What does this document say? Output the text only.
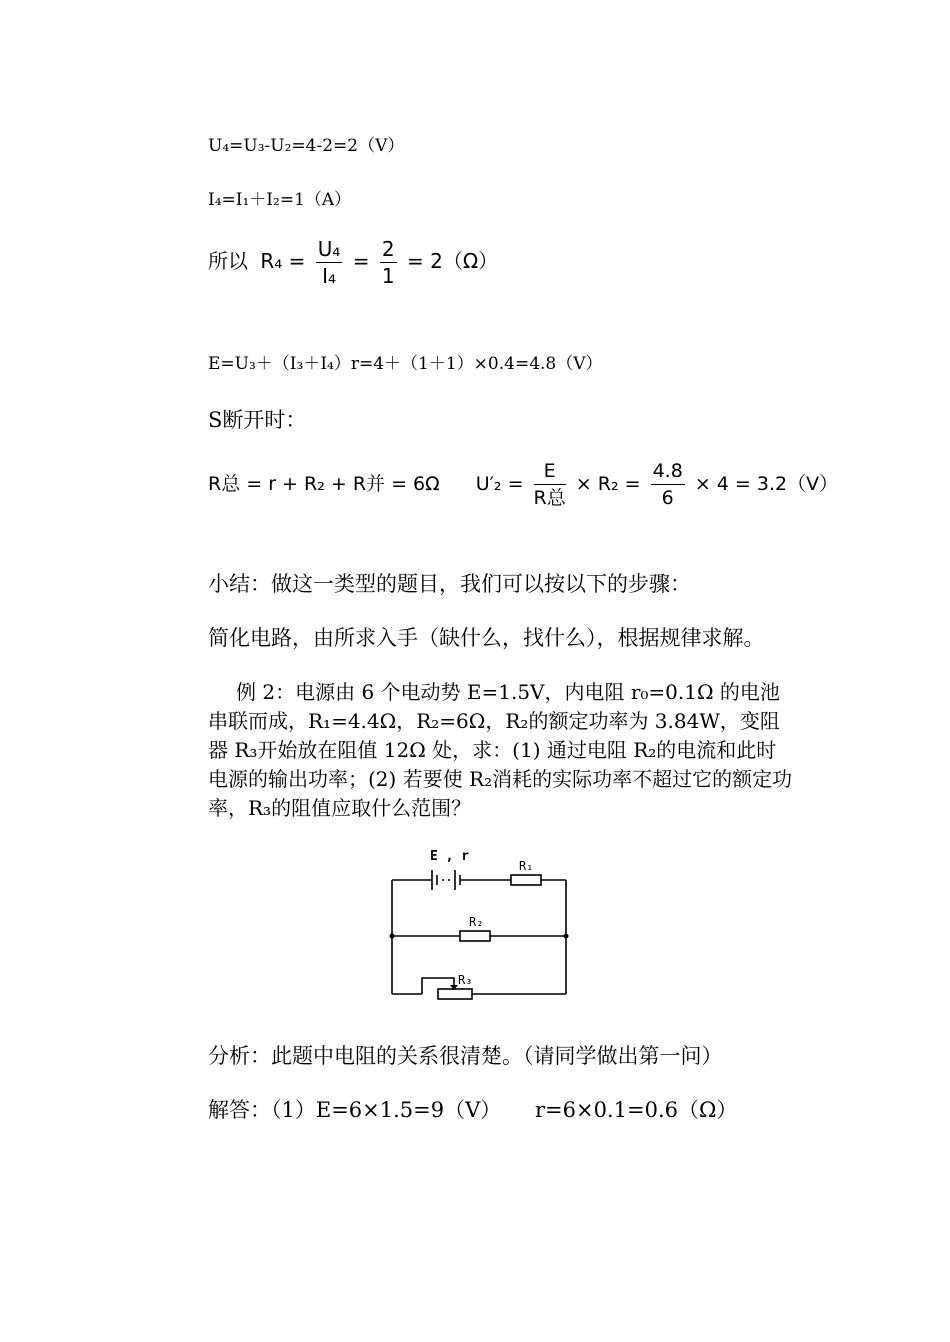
U₄=U₃-U₂=4-2=2（V）
I₄=I₁＋I₂=1（A）
所以 $R_4 = \frac{\text{U₄}}{\text{I₄}} = \frac{2}{1} = 2(\Omega)$
E=U₃＋（I₃＋I₄）r=4＋（1＋1）×0.4=4.8（V）
S断开时：
R总 = r + R₂ + R并 = 6Ω $U'_2 = \frac{E}{\text{R总}} \times R_2 = \frac{4.8}{6} \times 4 = 3.2(V)$
小结：做这一类型的题目，我们可以按以下的步骤：
简化电路，由所求入手（缺什么，找什么），根据规律求解。
例 2：电源由 6 个电动势 E=1.5V，内电阻 r₀=0.1Ω 的电池串联而成，R₁=4.4Ω，R₂=6Ω，R₂的额定功率为 3.84W，变阻器 R₃开始放在阻值 12Ω 处，求：(1) 通过电阻 R₂的电流和此时电源的输出功率；(2) 若要使 R₂消耗的实际功率不超过它的额定功率，R₃的阻值应取什么范围？
E , r
R₁
R₂
R₃
分析：此题中电阻的关系很清楚。（请同学做出第一问）
解答：（1）E=6×1.5=9（V） r=6×0.1=0.6（Ω）
